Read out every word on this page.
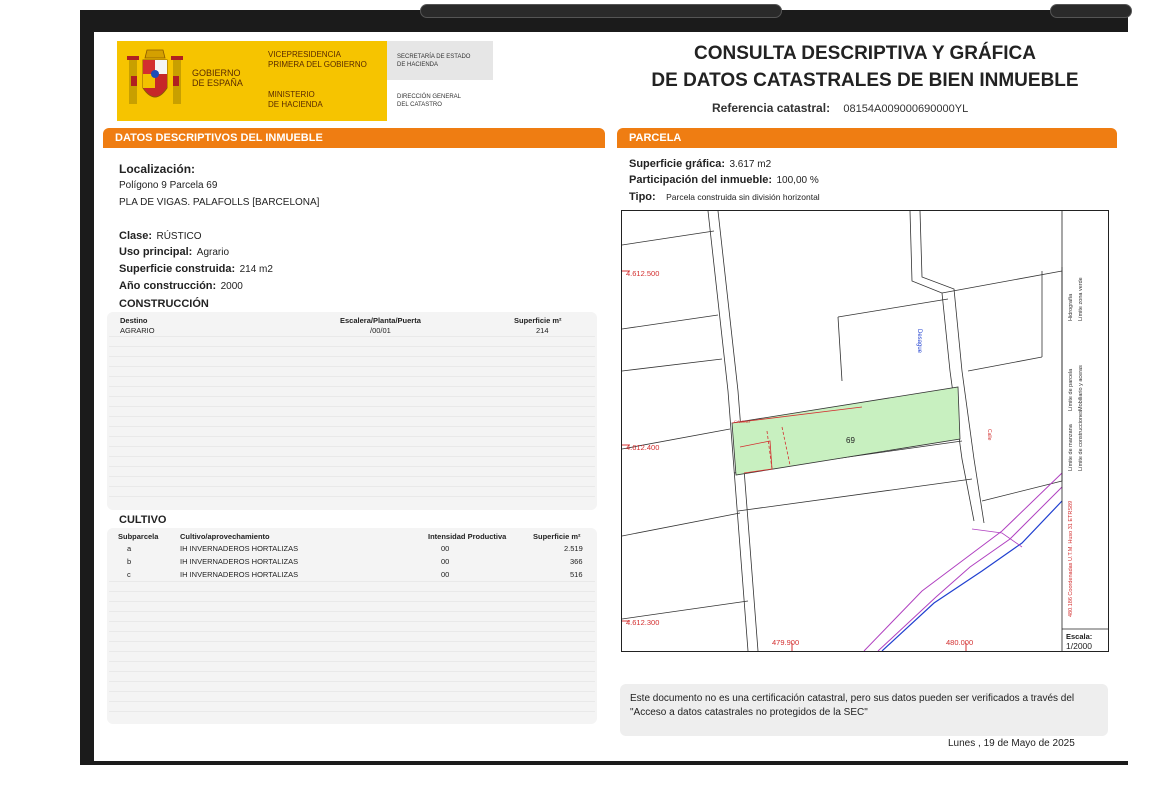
GOBIERNO
DE ESPAÑA
VICEPRESIDENCIA
PRIMERA DEL GOBIERNO
MINISTERIO
DE HACIENDA
SECRETARÍA DE ESTADO
DE HACIENDA
DIRECCIÓN GENERAL
DEL CATASTRO
CONSULTA DESCRIPTIVA Y GRÁFICA
DE DATOS CATASTRALES DE BIEN INMUEBLE
Referencia catastral: 08154A009000690000YL
DATOS DESCRIPTIVOS DEL INMUEBLE	PARCELA
Localización:
Polígono 9 Parcela 69
PLA DE VIGAS. PALAFOLLS [BARCELONA]
Clase: RÚSTICO
Uso principal: Agrario
Superficie construida: 214 m2
Año construcción: 2000
CONSTRUCCIÓN
Destino	Escalera/Planta/Puerta	Superficie m²
AGRARIO	/00/01	214
CULTIVO
Subparcela	Cultivo/aprovechamiento	Intensidad Productiva	Superficie m²
a	IH INVERNADEROS HORTALIZAS	00	2.519
b	IH INVERNADEROS HORTALIZAS	00	366
c	IH INVERNADEROS HORTALIZAS	00	516
Superficie gráfica: 3.617 m2
Participación del inmueble: 100,00 %
Tipo: Parcela construida sin división horizontal
4.612.500
4.612.400
4.612.300
479.900	480.000
CAMINO
69
Desague
Calle
Hidrografía Límite zona verde
Límite de parcela Mobiliario y aceras
Límite de manzana Límite de construcciones
480.186 Coordenadas U.T.M. Huso 31 ETRS89
Escala:
1/2000
Este documento no es una certificación catastral, pero sus datos pueden ser verificados a través del "Acceso a datos catastrales no protegidos de la SEC"
Lunes , 19 de Mayo de 2025
